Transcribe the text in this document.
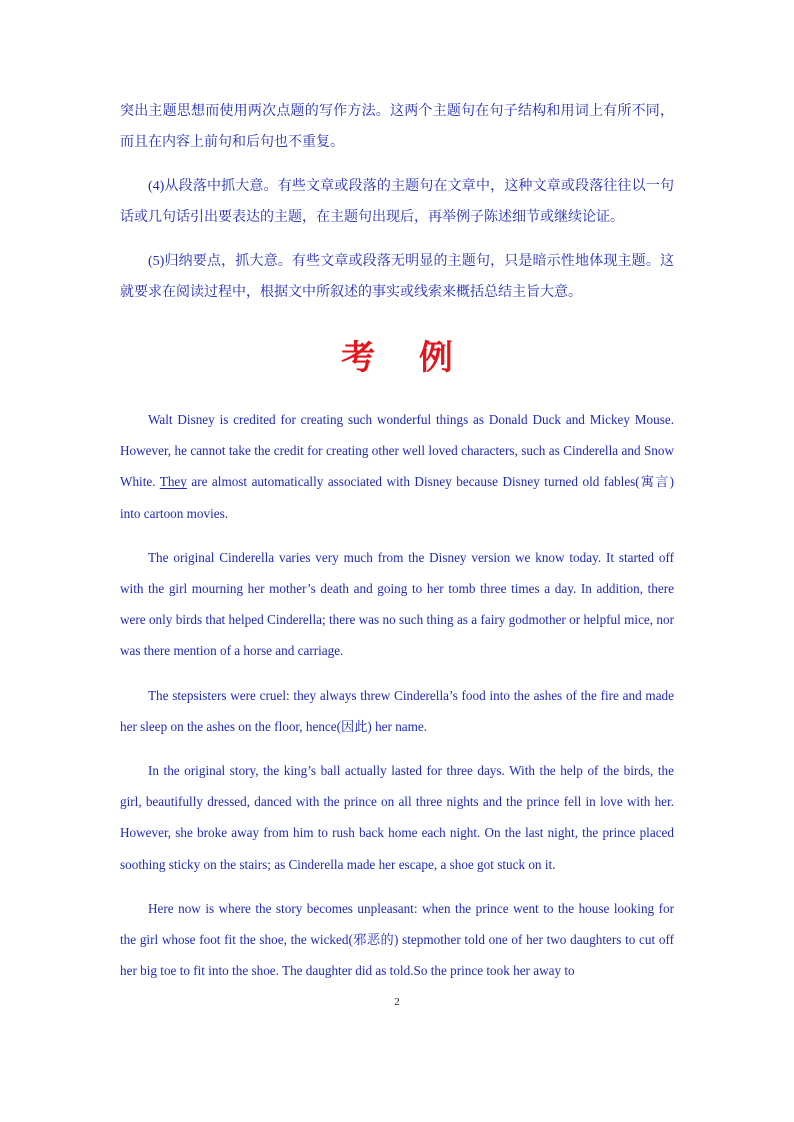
突出主题思想而使用两次点题的写作方法。这两个主题句在句子结构和用词上有所不同，而且在内容上前句和后句也不重复。

(4)从段落中抓大意。有些文章或段落的主题句在文章中，这种文章或段落往往以一句话或几句话引出要表达的主题，在主题句出现后，再举例子陈述细节或继续论证。

(5)归纳要点，抓大意。有些文章或段落无明显的主题句，只是暗示性地体现主题。这就要求在阅读过程中，根据文中所叙述的事实或线索来概括总结主旨大意。

考 例

Walt Disney is credited for creating such wonderful things as Donald Duck and Mickey Mouse. However, he cannot take the credit for creating other well loved characters, such as Cinderella and Snow White. They are almost automatically associated with Disney because Disney turned old fables(寓言) into cartoon movies.

The original Cinderella varies very much from the Disney version we know today. It started off with the girl mourning her mother’s death and going to her tomb three times a day. In addition, there were only birds that helped Cinderella; there was no such thing as a fairy godmother or helpful mice, nor was there mention of a horse and carriage.

The stepsisters were cruel: they always threw Cinderella’s food into the ashes of the fire and made her sleep on the ashes on the floor, hence(因此) her name.

In the original story, the king’s ball actually lasted for three days. With the help of the birds, the girl, beautifully dressed, danced with the prince on all three nights and the prince fell in love with her. However, she broke away from him to rush back home each night. On the last night, the prince placed soothing sticky on the stairs; as Cinderella made her escape, a shoe got stuck on it.

Here now is where the story becomes unpleasant: when the prince went to the house looking for the girl whose foot fit the shoe, the wicked(邪恶的) stepmother told one of her two daughters to cut off her big toe to fit into the shoe. The daughter did as told.So the prince took her away to

2
